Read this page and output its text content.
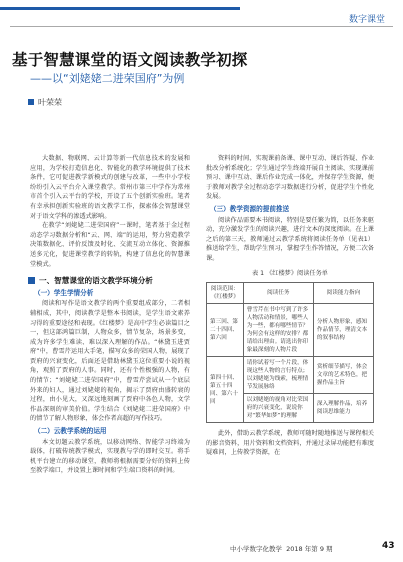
数字课堂
基于智慧课堂的语文阅读教学初探
——以“刘姥姥二进荣国府”为例
叶荣荣

大数据、物联网、云计算等新一代信息技术的发展和应用，为学校打造信息化、智能化的教学环境提供了技术条件，它可促进教学新模式的创建与改革，一些中小学校纷纷引入云平台介入课堂教学。常州市第三中学作为常州市首个引入云平台的学校，开设了五个创新实验班。笔者有幸承担创新实验班的语文教学工作，探索体会智慧课堂对于语文学科的渗透式影响。

在教学“刘姥姥二进荣国府”一课时，笔者基于金过程动态学习数据分析和“云、网、端”的运用，努力营造教学决策数据化、评价反馈及时化、交流互动立体化、资源推送多元化，促进课堂教学的转轨，构建了信息化的智慧课堂模式。

一、智慧课堂的语文教学环境分析
（一）学生学情分析

阅读和写作是语文教学的两个重要组成部分，二者相辅相成，其中，阅读教学是整本书阅读，是学生语文素养习得的重要途径和表现。《红楼梦》是高中学生必读篇目之一，但这部鸿篇巨制，人物众多，情节复杂，场景多变，成为许多学生难读、难以深入理解的作品。“林黛玉进贾府”中，曹雪芹运用大手笔，描写众多的荣国人物，展现了贾府的兴衰变化，后面还是借助林黛玉这位重要小说的视角，观照了贾府的人事。同时，还有个性极强的人物，有的情节；“刘姥姥二进荣国府”中，曹雪芹尝试从一个底层外来的妇人，通过刘姥姥的视角，揭示了贾府由盛转衰的过程，由小见大，又深远地刻画了贾府中各色人物，文学作品深刻的审美价值。学生结合《刘姥姥二进荣国府》中的情节了解人物形象，体会作者高超的写作技巧。

（二）云教学系统的运用

本文切题云教学系统，以移动网络、智能学习终端为载体，打破传统教学模式，实现教与学的即时交互。将手机平台建立的移动课堂，教师将根据需要分好的资料上传至教学端口，并设置上课时间和学生端口资料的时间。

资料的时间，实现课前备课、课中互动、课后答疑、作业批改分析系统化；学生通过学生终端开展自主阅读、实现课前预习、课中互动、课后作业完成一体化，并保存学生资源，便于教师对教学全过程动态学习数据进行分析，促进学生个性化发展。

（三）教学资源的提前推送

阅读作品需要本书阅读，特别是要任繁为简，以任务来驱动，充分激发学生的阅读兴趣，进行文本的深度阅读。在上课之后的第三天，教师通过云教学系统将阅读任务单（见表1）推送给学生，帮助学生预习，掌握学生作答情况，方便二次备课。

表 1 《红楼梦》阅读任务单
阅读范围：《红楼梦》	阅读任务	阅读能力指向
第三回、第二十四回、第六回	曹雪芹在书中写到了许多人物活动和情景，哪些人为一些，都有哪些情节？为何会有这样的安排？都请给出理由。请选出你印象最深刻的人物片段	分析人物形象，感知作品情节，理清文本的叙事结构
第四十回、第五十四回、第六十回	请你试着写一个片段，体现这些人物的言行特点；以刘姥姥为线索，梳理情节发展脉络	赏析细节描写，体会文章的艺术特色，把握作品主旨
	以刘姥姥的视角对比荣国府的兴衰变化，说说你对“繁华如梦”的理解	深入理解作品，培养阅读思维能力

此外，借助云教学系统，教师可随时随地推送与课程相关的影音资料，用片资料和文档资料，并通过录屏功能把有难度疑难问，上传教学资源，在

中小学数字化教学 2018 年第 9 期	43
